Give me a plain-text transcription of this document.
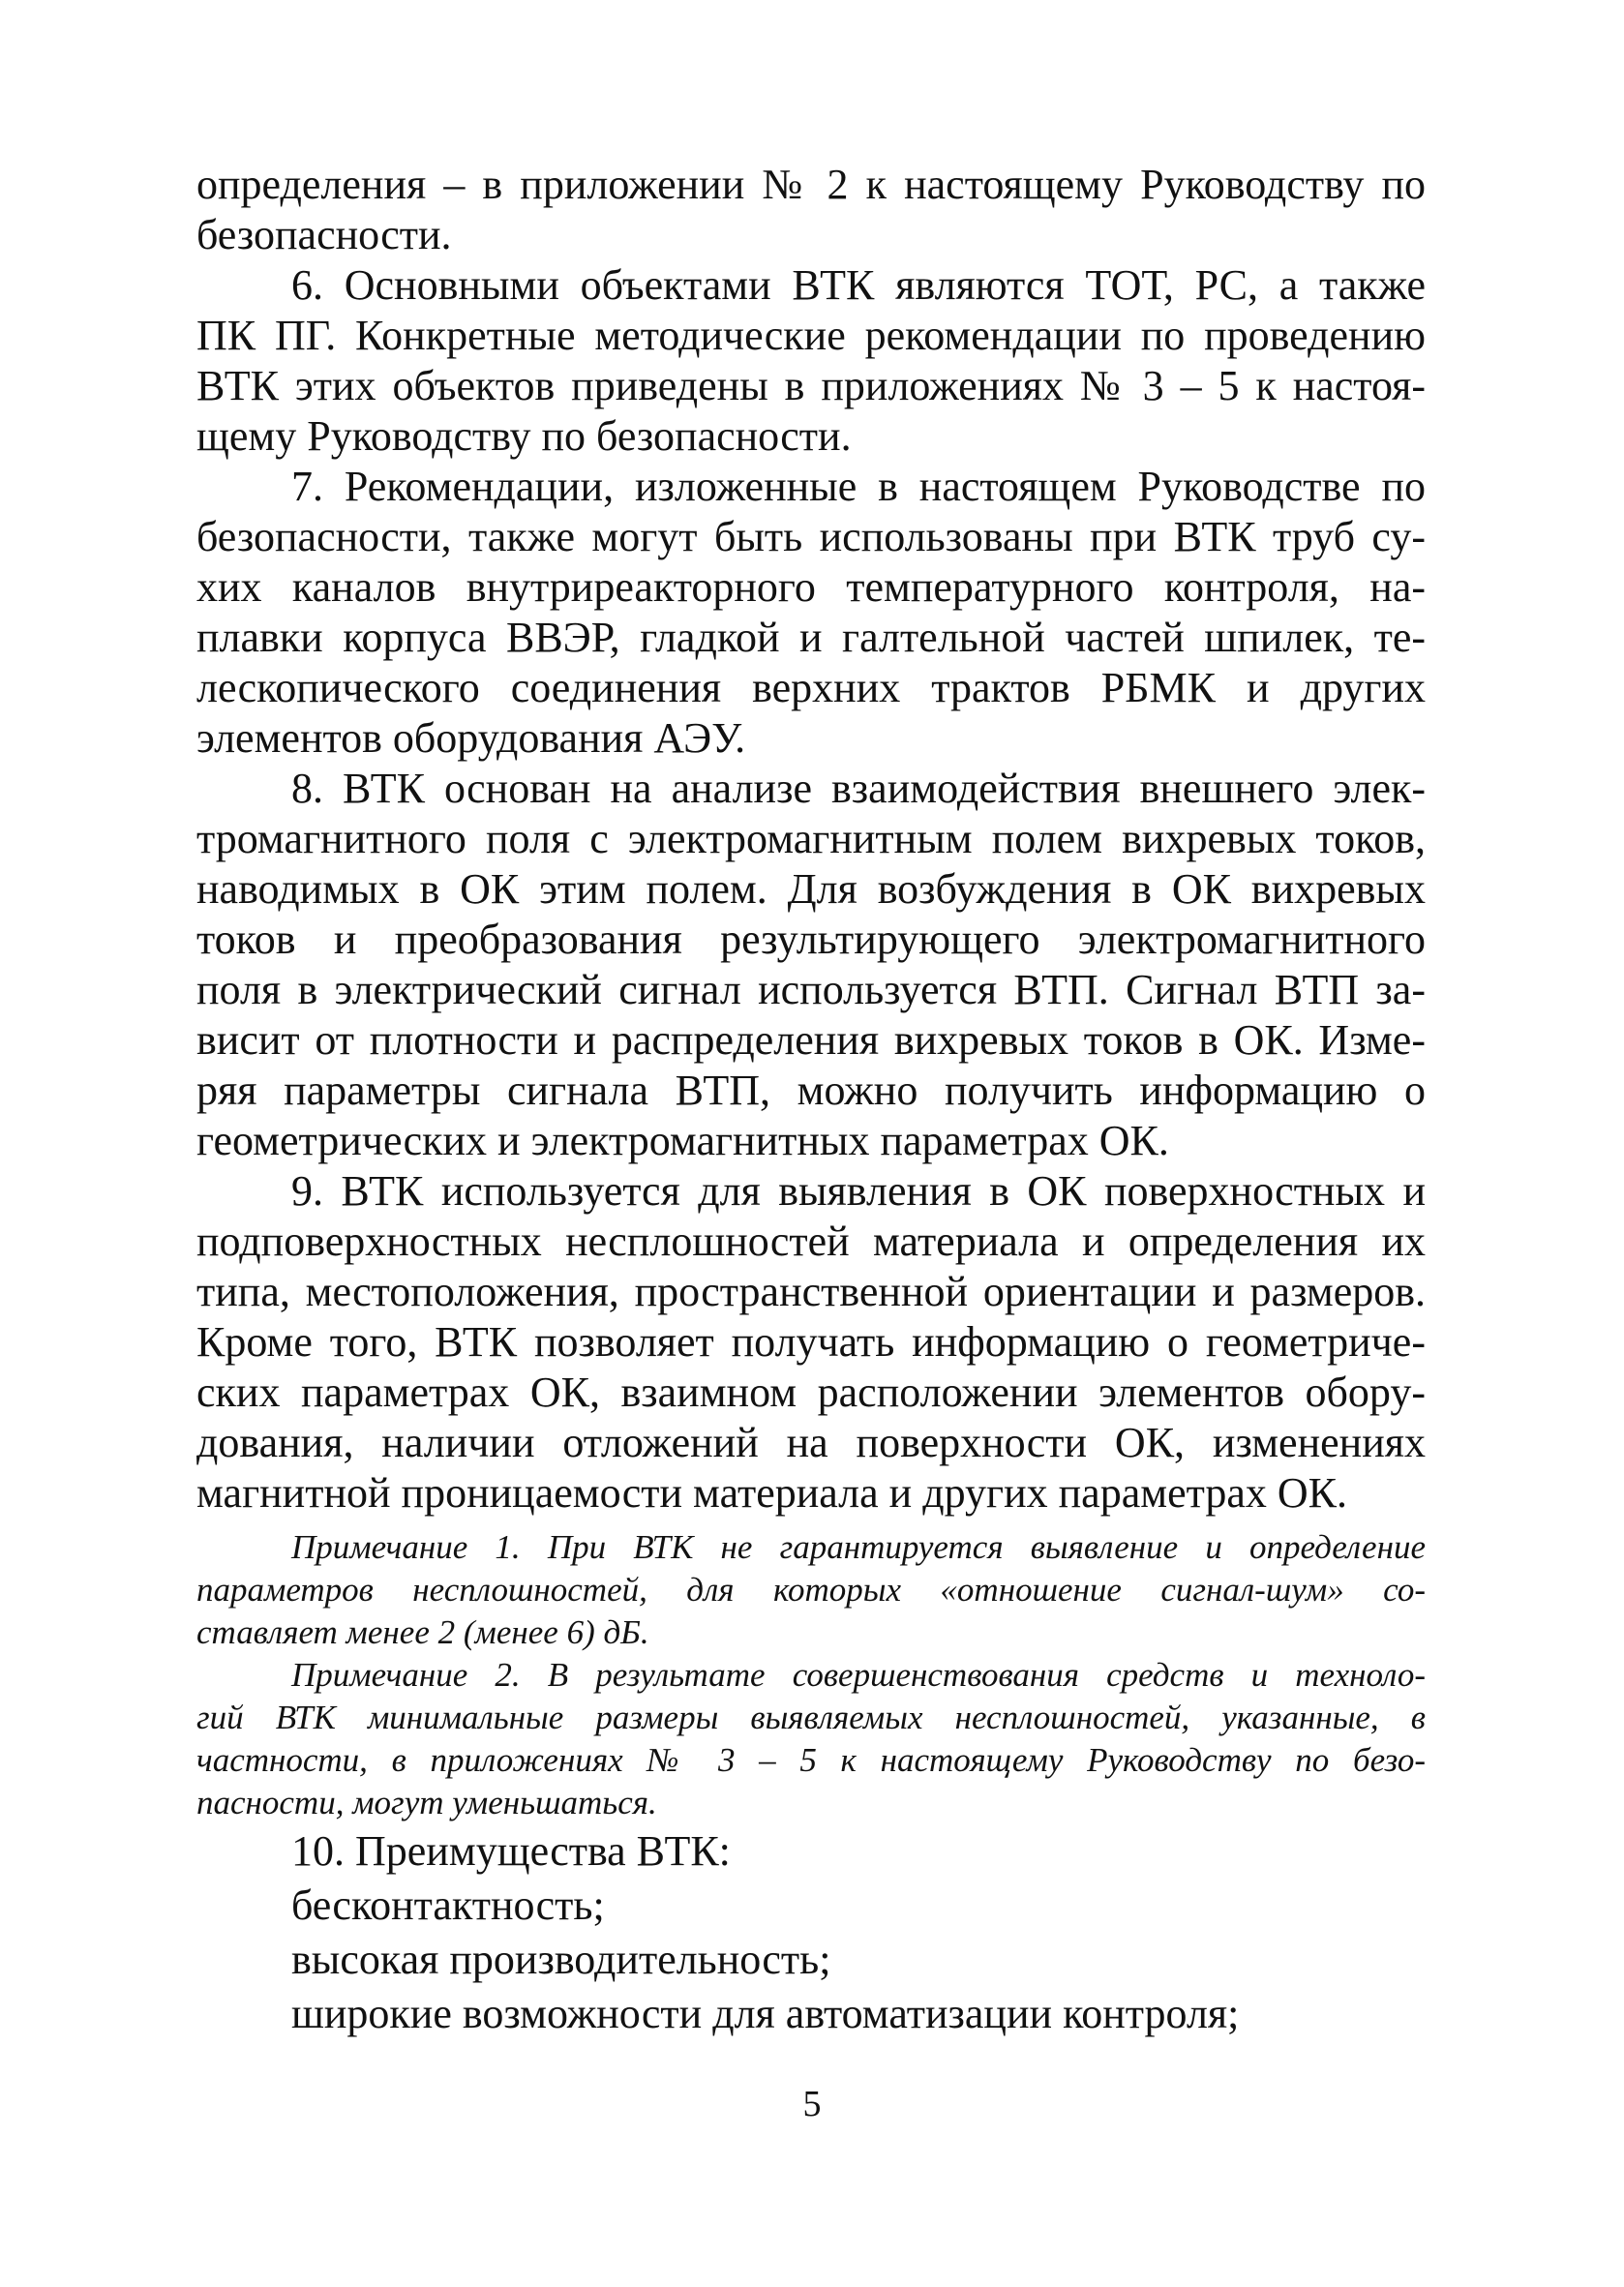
определения – в приложении № 2 к настоящему Руководству по
безопасности.
6. Основными объектами ВТК являются ТОТ, РС, а также
ПК ПГ. Конкретные методические рекомендации по проведению
ВТК этих объектов приведены в приложениях № 3 – 5 к настоя-
щему Руководству по безопасности.
7. Рекомендации, изложенные в настоящем Руководстве по
безопасности, также могут быть использованы при ВТК труб су-
хих каналов внутриреакторного температурного контроля, на-
плавки корпуса ВВЭР, гладкой и галтельной частей шпилек, те-
лескопического соединения верхних трактов РБМК и других
элементов оборудования АЭУ.
8. ВТК основан на анализе взаимодействия внешнего элек-
тромагнитного поля с электромагнитным полем вихревых токов,
наводимых в ОК этим полем. Для возбуждения в ОК вихревых
токов и преобразования результирующего электромагнитного
поля в электрический сигнал используется ВТП. Сигнал ВТП за-
висит от плотности и распределения вихревых токов в ОК. Изме-
ряя параметры сигнала ВТП, можно получить информацию о
геометрических и электромагнитных параметрах ОК.
9. ВТК используется для выявления в ОК поверхностных и
подповерхностных несплошностей материала и определения их
типа, местоположения, пространственной ориентации и размеров.
Кроме того, ВТК позволяет получать информацию о геометриче-
ских параметрах ОК, взаимном расположении элементов обору-
дования, наличии отложений на поверхности ОК, изменениях
магнитной проницаемости материала и других параметрах ОК.
Примечание 1. При ВТК не гарантируется выявление и определение
параметров несплошностей, для которых «отношение сигнал-шум» со-
ставляет менее 2 (менее 6) дБ.
Примечание 2. В результате совершенствования средств и техноло-
гий ВТК минимальные размеры выявляемых несплошностей, указанные, в
частности, в приложениях № 3 – 5 к настоящему Руководству по безо-
пасности, могут уменьшаться.
10. Преимущества ВТК:
бесконтактность;
высокая производительность;
широкие возможности для автоматизации контроля;
5
